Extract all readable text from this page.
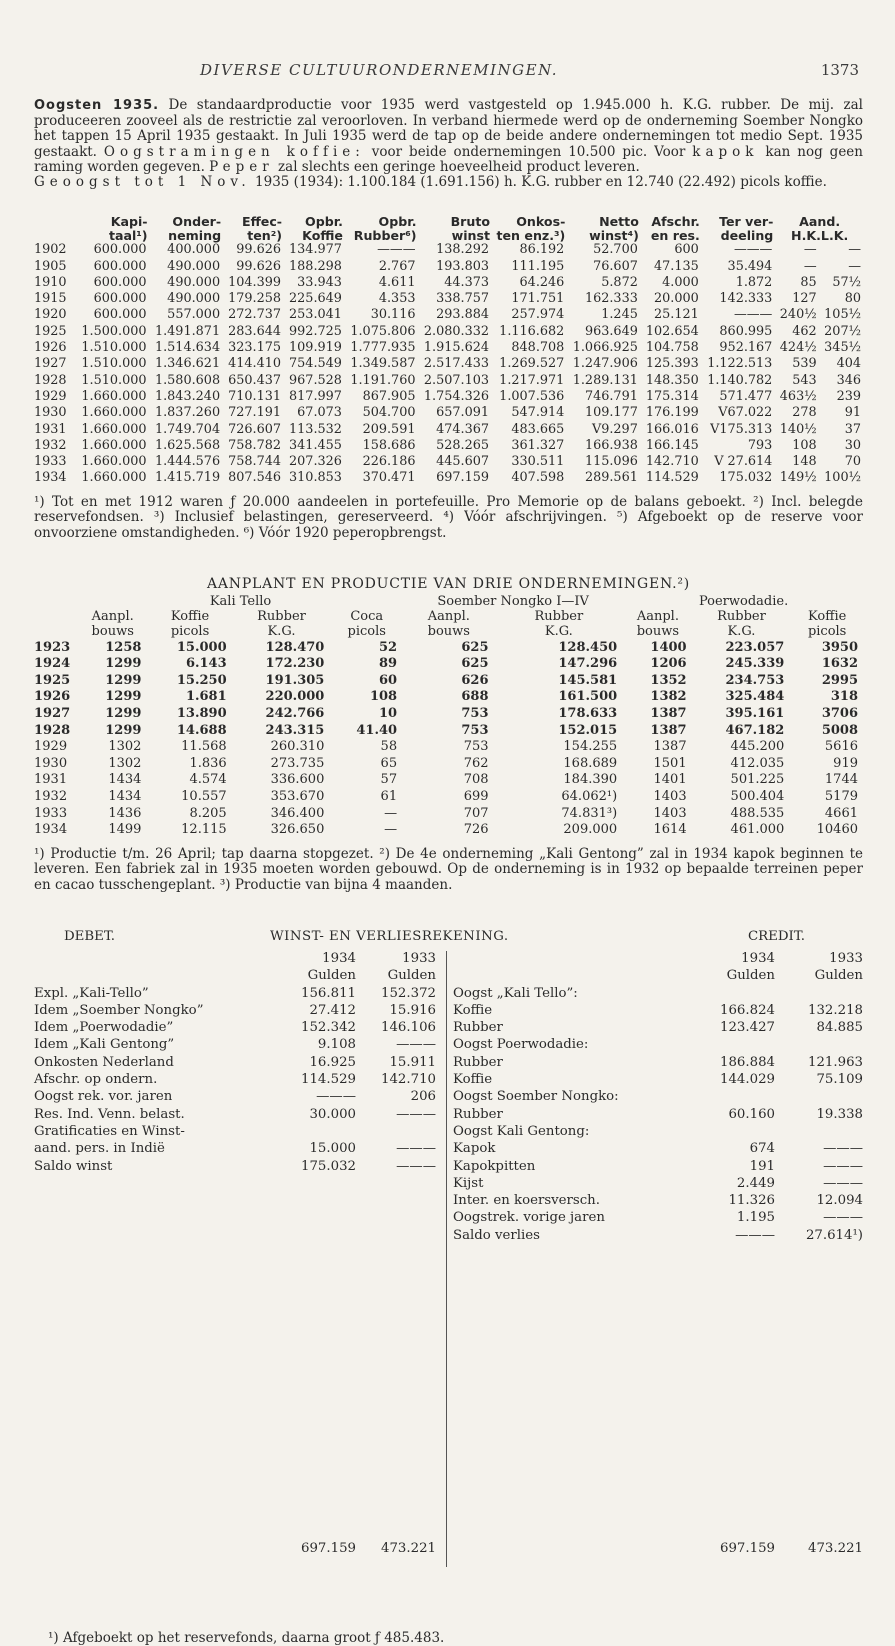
DIVERSE CULTUURONDERNEMINGEN.	1373

Oogsten 1935. De standaardproductie voor 1935 werd vastgesteld op 1.945.000 h. K.G. rubber. De mij. zal produceeren zooveel als de restrictie zal veroorloven. In verband hiermede werd op de onderneming Soember Nongko het tappen 15 April 1935 gestaakt. In Juli 1935 werd de tap op de beide andere ondernemingen tot medio Sept. 1935 gestaakt. Oogstramingen koffie: voor beide ondernemingen 10.500 pic. Voor kapok kan nog geen raming worden gegeven. Peper zal slechts een geringe hoeveelheid product leveren.

Geoogst tot 1 Nov. 1935 (1934): 1.100.184 (1.691.156) h. K.G. rubber en 12.740 (22.492) picols koffie.

	Kapi-	Onder-	Effec-	Opbr.	Opbr.	Bruto	Onkos-	Netto	Afschr.	Ter ver-	Aand.	
	taal¹)	neming	ten²)	Koffie	Rubber⁶)	winst	ten enz.³)	winst⁴)	en res.	deeling	H.K.L.K.	
1902	600.000	400.000	99.626	134.977	———	138.292	86.192	52.700	600	———	—	—
1905	600.000	490.000	99.626	188.298	2.767	193.803	111.195	76.607	47.135	35.494	—	—
1910	600.000	490.000	104.399	33.943	4.611	44.373	64.246	5.872	4.000	1.872	85	57½
1915	600.000	490.000	179.258	225.649	4.353	338.757	171.751	162.333	20.000	142.333	127	80
1920	600.000	557.000	272.737	253.041	30.116	293.884	257.974	1.245	25.121	———	240½	105½
1925	1.500.000	1.491.871	283.644	992.725	1.075.806	2.080.332	1.116.682	963.649	102.654	860.995	462	207½
1926	1.510.000	1.514.634	323.175	109.919	1.777.935	1.915.624	848.708	1.066.925	104.758	952.167	424½	345½
1927	1.510.000	1.346.621	414.410	754.549	1.349.587	2.517.433	1.269.527	1.247.906	125.393	1.122.513	539	404
1928	1.510.000	1.580.608	650.437	967.528	1.191.760	2.507.103	1.217.971	1.289.131	148.350	1.140.782	543	346
1929	1.660.000	1.843.240	710.131	817.997	867.905	1.754.326	1.007.536	746.791	175.314	571.477	463½	239
1930	1.660.000	1.837.260	727.191	67.073	504.700	657.091	547.914	109.177	176.199	V67.022	278	91
1931	1.660.000	1.749.704	726.607	113.532	209.591	474.367	483.665	V9.297	166.016	V175.313	140½	37
1932	1.660.000	1.625.568	758.782	341.455	158.686	528.265	361.327	166.938	166.145	793	108	30
1933	1.660.000	1.444.576	758.744	207.326	226.186	445.607	330.511	115.096	142.710	V 27.614	148	70
1934	1.660.000	1.415.719	807.546	310.853	370.471	697.159	407.598	289.561	114.529	175.032	149½	100½
¹) Tot en met 1912 waren ƒ 20.000 aandeelen in portefeuille. Pro Memorie op de balans geboekt. ²) Incl. belegde reservefondsen. ³) Inclusief belastingen, gereserveerd. ⁴) Vóór afschrijvingen. ⁵) Afgeboekt op de reserve voor onvoorziene omstandigheden. ⁶) Vóór 1920 peperopbrengst.
AANPLANT EN PRODUCTIE VAN DRIE ONDERNEMINGEN.²)
	Kali Tello				Soember Nongko I—IV		Poerwodadie.		
	Aanpl.	Koffie	Rubber	Coca	Aanpl.	Rubber	Aanpl.	Rubber	Koffie
	bouws	picols	K.G.	picols	bouws	K.G.	bouws	K.G.	picols
1923	1258	15.000	128.470	52	625	128.450	1400	223.057	3950
1924	1299	6.143	172.230	89	625	147.296	1206	245.339	1632
1925	1299	15.250	191.305	60	626	145.581	1352	234.753	2995
1926	1299	1.681	220.000	108	688	161.500	1382	325.484	318
1927	1299	13.890	242.766	10	753	178.633	1387	395.161	3706
1928	1299	14.688	243.315	41.40	753	152.015	1387	467.182	5008
1929	1302	11.568	260.310	58	753	154.255	1387	445.200	5616
1930	1302	1.836	273.735	65	762	168.689	1501	412.035	919
1931	1434	4.574	336.600	57	708	184.390	1401	501.225	1744
1932	1434	10.557	353.670	61	699	64.062¹)	1403	500.404	5179
1933	1436	8.205	346.400	—	707	74.831³)	1403	488.535	4661
1934	1499	12.115	326.650	—	726	209.000	1614	461.000	10460
¹) Productie t/m. 26 April; tap daarna stopgezet. ²) De 4e onderneming „Kali Gentong” zal in 1934 kapok beginnen te leveren. Een fabriek zal in 1935 moeten worden gebouwd. Op de onderneming is in 1932 op bepaalde terreinen peper en cacao tusschengeplant. ³) Productie van bijna 4 maanden.
DEBET.	WINST- EN VERLIESREKENING.	CREDIT.
1934	1933
Gulden	Gulden
Expl. „Kali-Tello”	156.811	152.372
Idem „Soember Nongko”	27.412	15.916
Idem „Poerwodadie”	152.342	146.106
Idem „Kali Gentong”	9.108	———
Onkosten Nederland	16.925	15.911
Afschr. op ondern.	114.529	142.710
Oogst rek. vor. jaren	———	206
Res. Ind. Venn. belast.	30.000	———
Gratificaties en Winst-
aand. pers. in Indië	15.000	———
Saldo winst	175.032	———
697.159	473.221
1934	1933
Gulden	Gulden
Oogst „Kali Tello”:
Koffie	166.824	132.218
Rubber	123.427	84.885
Oogst Poerwodadie:
Rubber	186.884	121.963
Koffie	144.029	75.109
Oogst Soember Nongko:
Rubber	60.160	19.338
Oogst Kali Gentong:
Kapok	674	———
Kapokpitten	191	———
Kijst	2.449	———
Inter. en koersversch.	11.326	12.094
Oogstrek. vorige jaren	1.195	———
Saldo verlies	———	27.614¹)
697.159	473.221
¹) Afgeboekt op het reservefonds, daarna groot ƒ 485.483.
